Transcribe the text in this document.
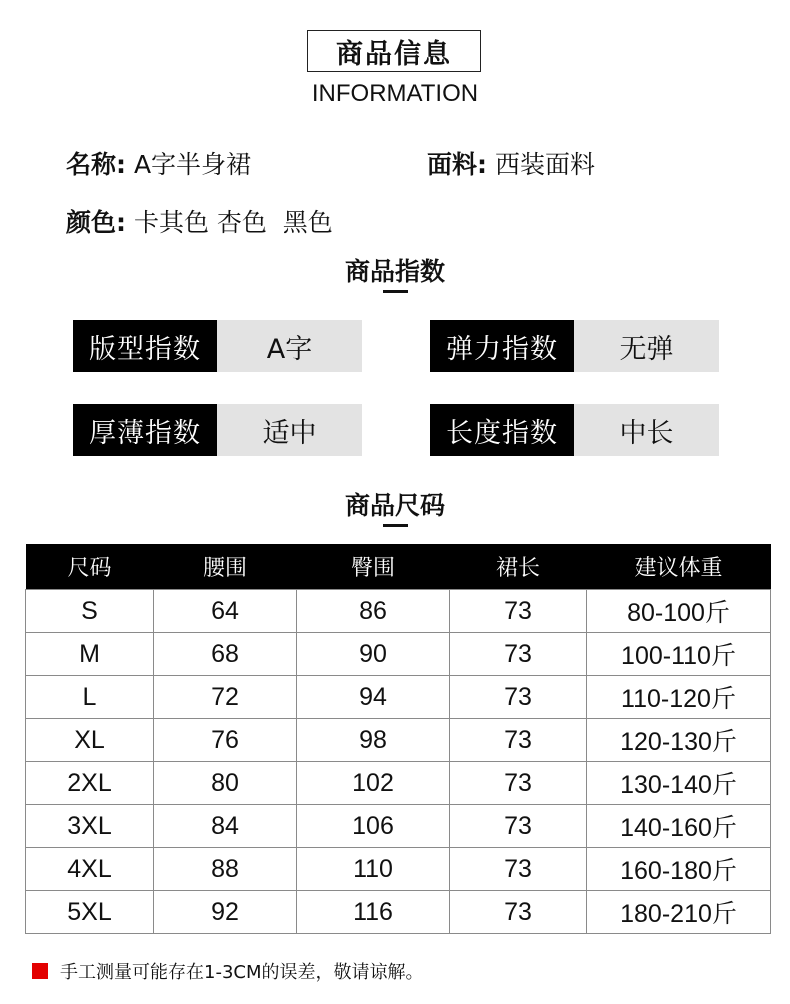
商品信息
INFORMATION
名称: A字半身裙	面料: 西装面料
颜色: 卡其色 杏色  黑色
商品指数
版型指数	A字	弹力指数	无弹
厚薄指数	适中	长度指数	中长
商品尺码
尺码	腰围	臀围	裙长	建议体重
S	64	86	73	80-100斤
M	68	90	73	100-110斤
L	72	94	73	110-120斤
XL	76	98	73	120-130斤
2XL	80	102	73	130-140斤
3XL	84	106	73	140-160斤
4XL	88	110	73	160-180斤
5XL	92	116	73	180-210斤
手工测量可能存在1-3CM的误差，敬请谅解。
